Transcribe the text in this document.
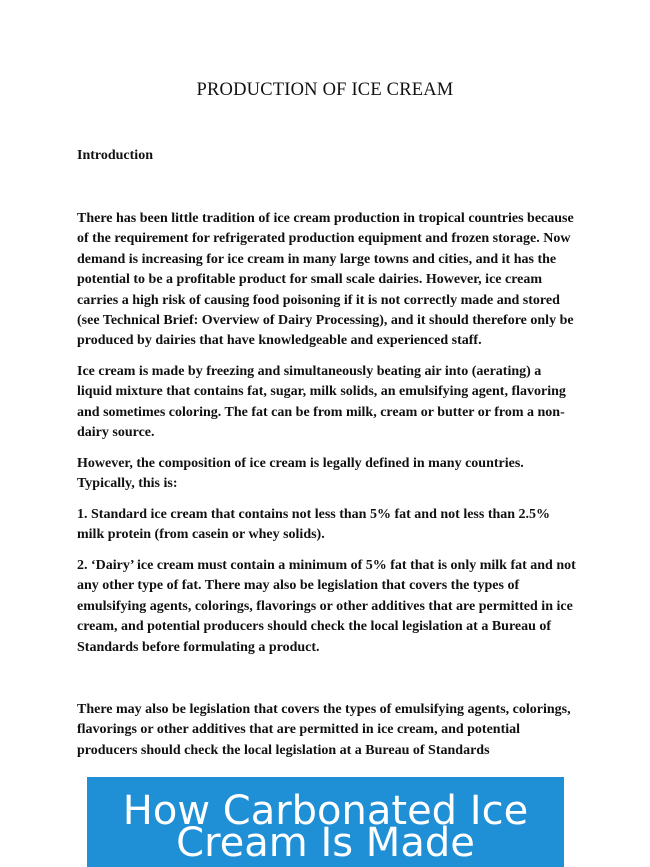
PRODUCTION OF ICE CREAM
Introduction

There has been little tradition of ice cream production in tropical countries because of the requirement for refrigerated production equipment and frozen storage. Now demand is increasing for ice cream in many large towns and cities, and it has the potential to be a profitable product for small scale dairies. However, ice cream carries a high risk of causing food poisoning if it is not correctly made and stored (see Technical Brief: Overview of Dairy Processing), and it should therefore only be produced by dairies that have knowledgeable and experienced staff.

Ice cream is made by freezing and simultaneously beating air into (aerating) a liquid mixture that contains fat, sugar, milk solids, an emulsifying agent, flavoring and sometimes coloring. The fat can be from milk, cream or butter or from a non-dairy source.

However, the composition of ice cream is legally defined in many countries. Typically, this is:

1. Standard ice cream that contains not less than 5% fat and not less than 2.5% milk protein (from casein or whey solids).

2. ‘Dairy’ ice cream must contain a minimum of 5% fat that is only milk fat and not any other type of fat. There may also be legislation that covers the types of emulsifying agents, colorings, flavorings or other additives that are permitted in ice cream, and potential producers should check the local legislation at a Bureau of Standards before formulating a product.

There may also be legislation that covers the types of emulsifying agents, colorings, flavorings or other additives that are permitted in ice cream, and potential producers should check the local legislation at a Bureau of Standards

How Carbonated Ice Cream Is Made
